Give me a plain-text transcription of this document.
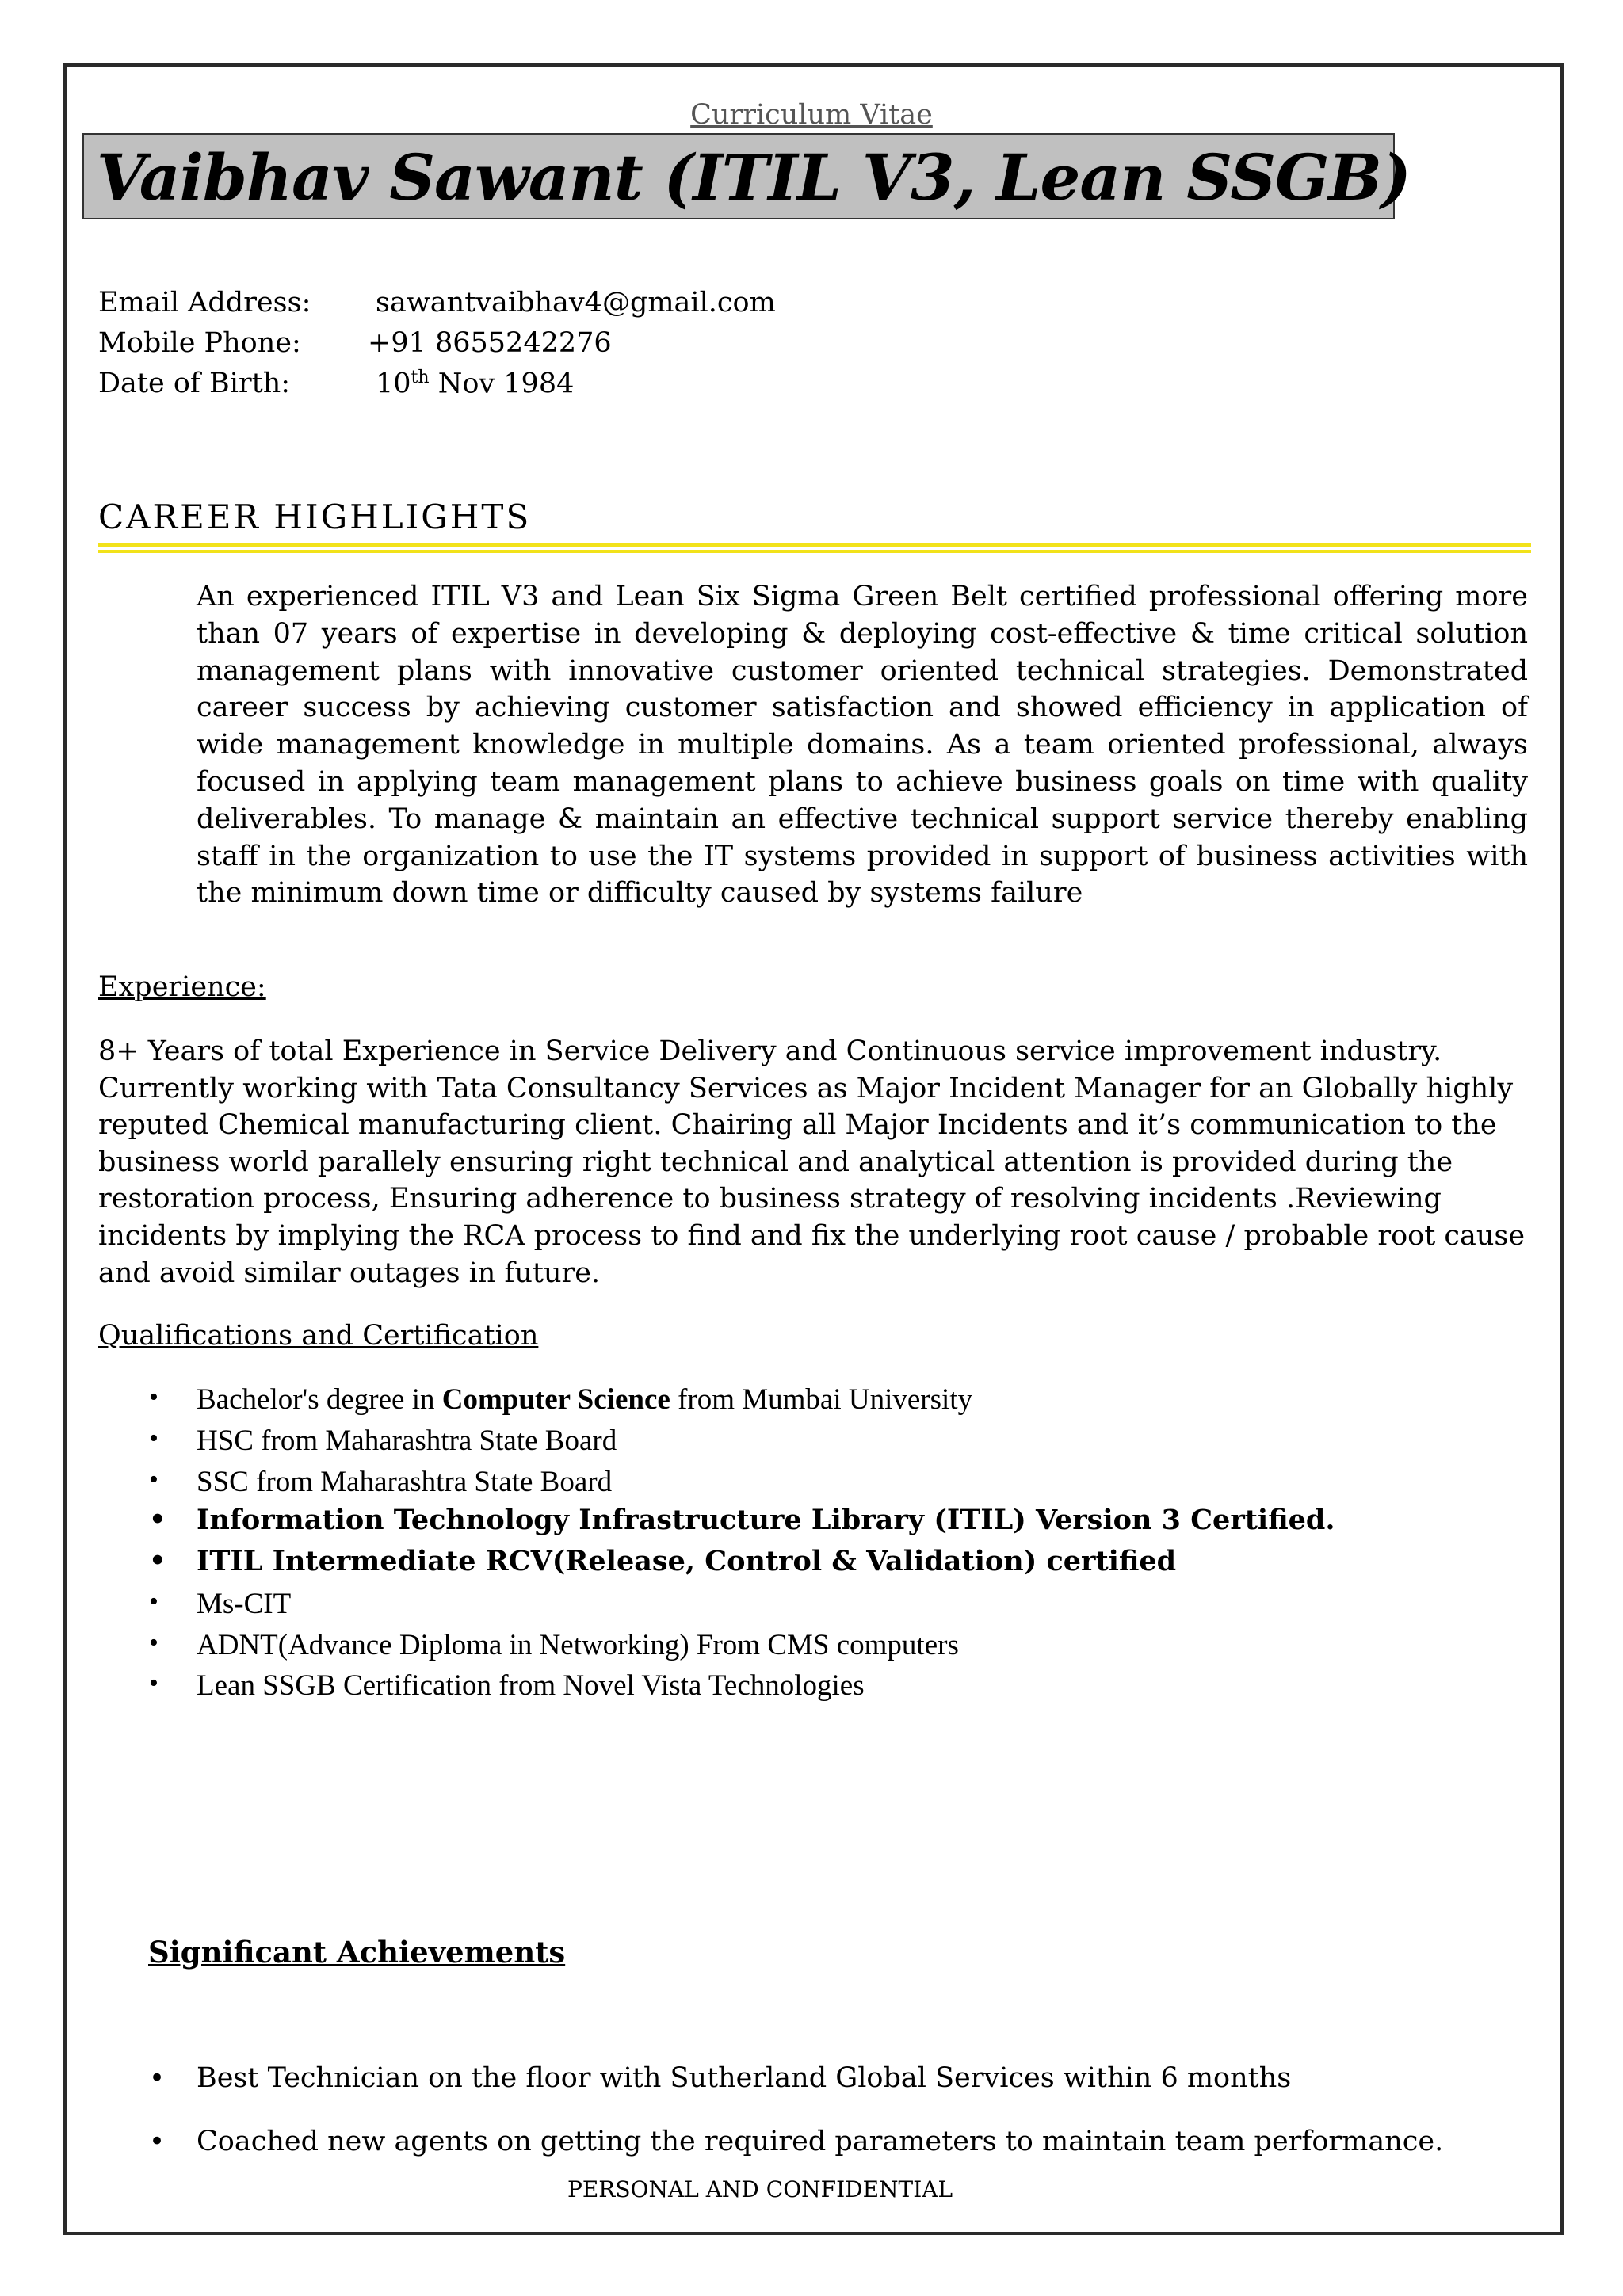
Curriculum Vitae
Vaibhav Sawant (ITIL V3, Lean SSGB)
Email Address: sawantvaibhav4@gmail.com
Mobile Phone: +91 8655242276
Date of Birth:	10th Nov 1984
CAREER HIGHLIGHTS
An experienced ITIL V3 and Lean Six Sigma Green Belt certified professional offering more than 07 years of expertise in developing & deploying cost-effective & time critical solution management plans with innovative customer oriented technical strategies. Demonstrated career success by achieving customer satisfaction and showed efficiency in application of wide management knowledge in multiple domains. As a team oriented professional, always focused in applying team management plans to achieve business goals on time with quality deliverables. To manage & maintain an effective technical support service thereby enabling staff in the organization to use the IT systems provided in support of business activities with the minimum down time or difficulty caused by systems failure
Experience:
8+ Years of total Experience in Service Delivery and Continuous service improvement industry. Currently working with Tata Consultancy Services as Major Incident Manager for an Globally highly reputed Chemical manufacturing client. Chairing all Major Incidents and it’s communication to the business world parallely ensuring right technical and analytical attention is provided during the restoration process, Ensuring adherence to business strategy of resolving incidents .Reviewing incidents by implying the RCA process to find and fix the underlying root cause / probable root cause and avoid similar outages in future.
Qualifications and Certification
• Bachelor's degree in Computer Science from Mumbai University
• HSC from Maharashtra State Board
• SSC from Maharashtra State Board
• Information Technology Infrastructure Library (ITIL) Version 3 Certified.
• ITIL Intermediate RCV(Release, Control & Validation) certified
• Ms-CIT
• ADNT(Advance Diploma in Networking) From CMS computers
• Lean SSGB Certification from Novel Vista Technologies
Significant Achievements
• Best Technician on the floor with Sutherland Global Services within 6 months
• Coached new agents on getting the required parameters to maintain team performance.
PERSONAL AND CONFIDENTIAL
